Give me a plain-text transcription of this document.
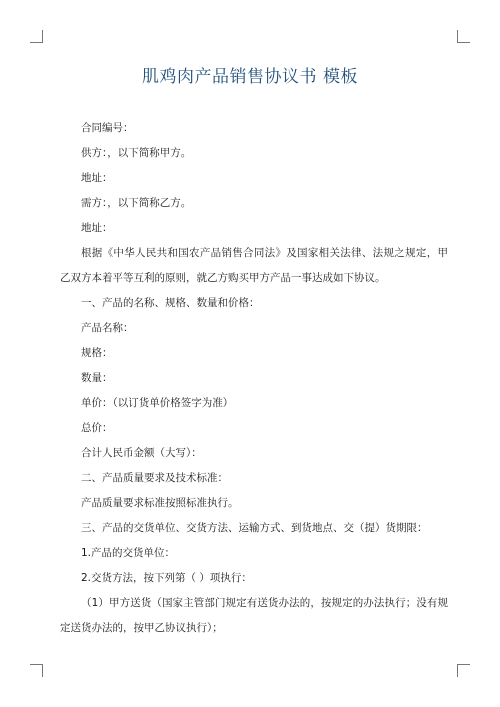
肌鸡肉产品销售协议书 模板

合同编号：

供方：，以下简称甲方。

地址：

需方：，以下简称乙方。

地址：

根据《中华人民共和国农产品销售合同法》及国家相关法律、法规之规定，甲乙双方本着平等互利的原则，就乙方购买甲方产品一事达成如下协议。

一、产品的名称、规格、数量和价格：

产品名称：

规格：

数量：

单价：（以订货单价格签字为准）

总价：

合计人民币金额（大写）：

二、产品质量要求及技术标准：

产品质量要求标准按照标准执行。

三、产品的交货单位、交货方法、运输方式、到货地点、交（提）货期限：

1.产品的交货单位：

2.交货方法，按下列第（ ）项执行：

（1）甲方送货（国家主管部门规定有送货办法的，按规定的办法执行；没有规定送货办法的，按甲乙协议执行）；
